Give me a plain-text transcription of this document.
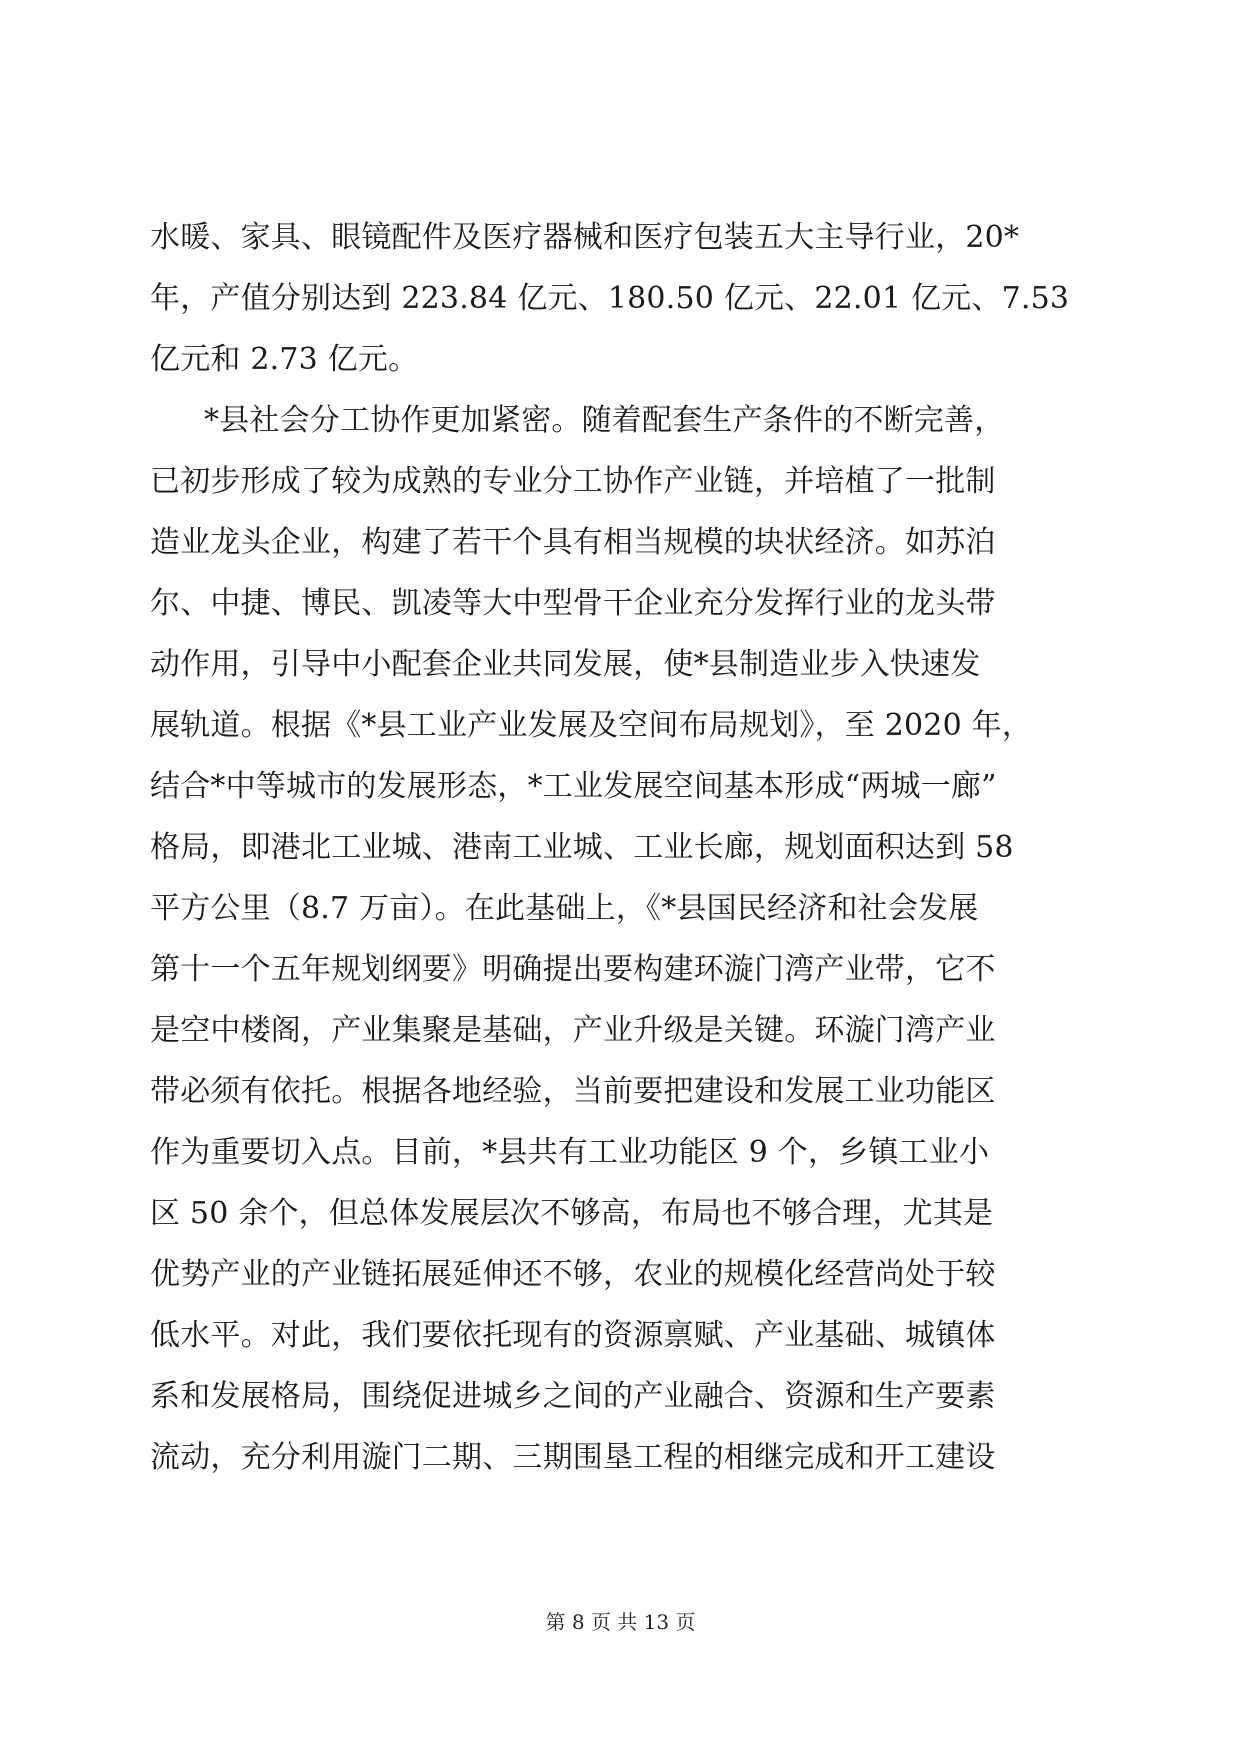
水暖、家具、眼镜配件及医疗器械和医疗包装五大主导行业，20*
年，产值分别达到 223.84 亿元、180.50 亿元、22.01 亿元、7.53
亿元和 2.73 亿元。
*县社会分工协作更加紧密。随着配套生产条件的不断完善，
已初步形成了较为成熟的专业分工协作产业链，并培植了一批制
造业龙头企业，构建了若干个具有相当规模的块状经济。如苏泊
尔、中捷、博民、凯凌等大中型骨干企业充分发挥行业的龙头带
动作用，引导中小配套企业共同发展，使*县制造业步入快速发
展轨道。根据《*县工业产业发展及空间布局规划》，至 2020 年，
结合*中等城市的发展形态，*工业发展空间基本形成“两城一廊”
格局，即港北工业城、港南工业城、工业长廊，规划面积达到 58
平方公里（8.7 万亩）。在此基础上，《*县国民经济和社会发展
第十一个五年规划纲要》明确提出要构建环漩门湾产业带，它不
是空中楼阁，产业集聚是基础，产业升级是关键。环漩门湾产业
带必须有依托。根据各地经验，当前要把建设和发展工业功能区
作为重要切入点。目前，*县共有工业功能区 9 个，乡镇工业小
区 50 余个，但总体发展层次不够高，布局也不够合理，尤其是
优势产业的产业链拓展延伸还不够，农业的规模化经营尚处于较
低水平。对此，我们要依托现有的资源禀赋、产业基础、城镇体
系和发展格局，围绕促进城乡之间的产业融合、资源和生产要素
流动，充分利用漩门二期、三期围垦工程的相继完成和开工建设
第 8 页 共 13 页
